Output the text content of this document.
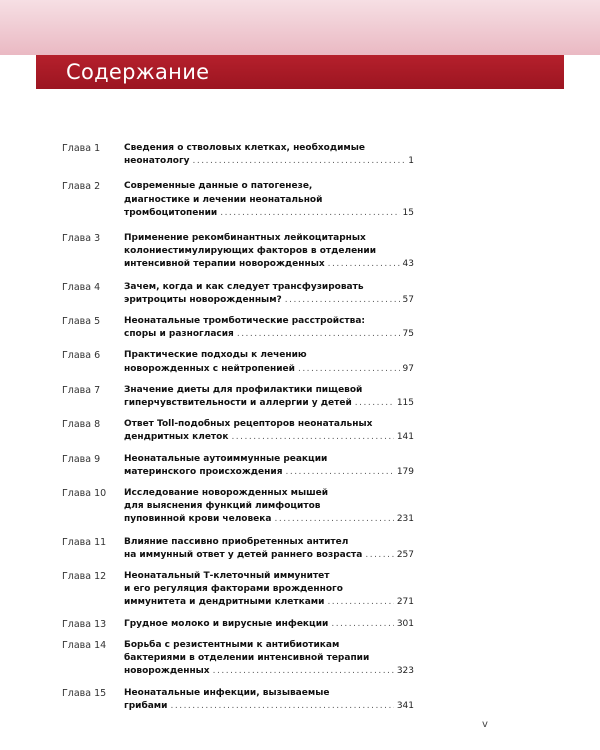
Содержание
Глава 1	Сведения о стволовых клетках, необходимые
неонатологу .....	1
Глава 2	Современные данные о патогенезе,
диагностике и лечении неонатальной
тромбоцитопении .....	15
Глава 3	Применение рекомбинантных лейкоцитарных
колониестимулирующих факторов в отделении
интенсивной терапии новорожденных .....	43
Глава 4	Зачем, когда и как следует трансфузировать
эритроциты новорожденным? .....	57
Глава 5	Неонатальные тромботические расстройства:
споры и разногласия .....	75
Глава 6	Практические подходы к лечению
новорожденных с нейтропенией .....	97
Глава 7	Значение диеты для профилактики пищевой
гиперчувствительности и аллергии у детей .....	115
Глава 8	Ответ Toll-подобных рецепторов неонатальных
дендритных клеток .....	141
Глава 9	Неонатальные аутоиммунные реакции
материнского происхождения .....	179
Глава 10 Исследование новорожденных мышей
для выяснения функций лимфоцитов
пуповинной крови человека .....	231
Глава 11 Влияние пассивно приобретенных антител
на иммунный ответ у детей раннего возраста .....	257
Глава 12 Неонатальный Т-клеточный иммунитет
и его регуляция факторами врожденного
иммунитета и дендритными клетками .....	271
Глава 13 Грудное молоко и вирусные инфекции .....	301
Глава 14 Борьба с резистентными к антибиотикам
бактериями в отделении интенсивной терапии
новорожденных .....	323
Глава 15 Неонатальные инфекции, вызываемые
грибами .....	341
v
